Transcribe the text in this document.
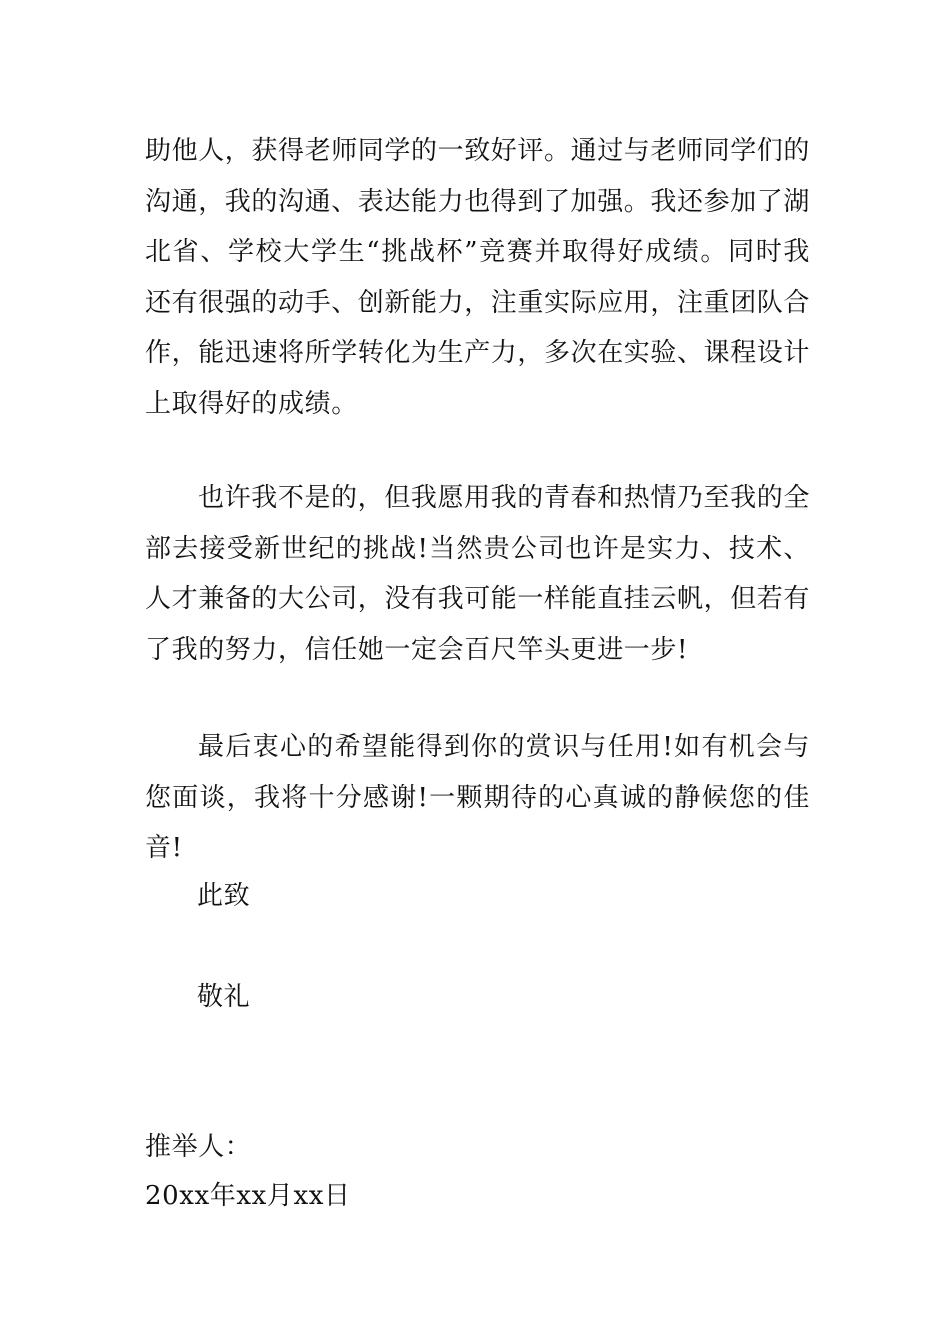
助他人，获得老师同学的一致好评。通过与老师同学们的沟通，我的沟通、表达能力也得到了加强。我还参加了湖北省、学校大学生“挑战杯”竞赛并取得好成绩。同时我还有很强的动手、创新能力，注重实际应用，注重团队合作，能迅速将所学转化为生产力，多次在实验、课程设计上取得好的成绩。

也许我不是的，但我愿用我的青春和热情乃至我的全部去接受新世纪的挑战!当然贵公司也许是实力、技术、人才兼备的大公司，没有我可能一样能直挂云帆，但若有了我的努力，信任她一定会百尺竿头更进一步!

最后衷心的希望能得到你的赏识与任用!如有机会与您面谈，我将十分感谢!一颗期待的心真诚的静候您的佳音!

此致

敬礼

推举人：

20xx年xx月xx日
